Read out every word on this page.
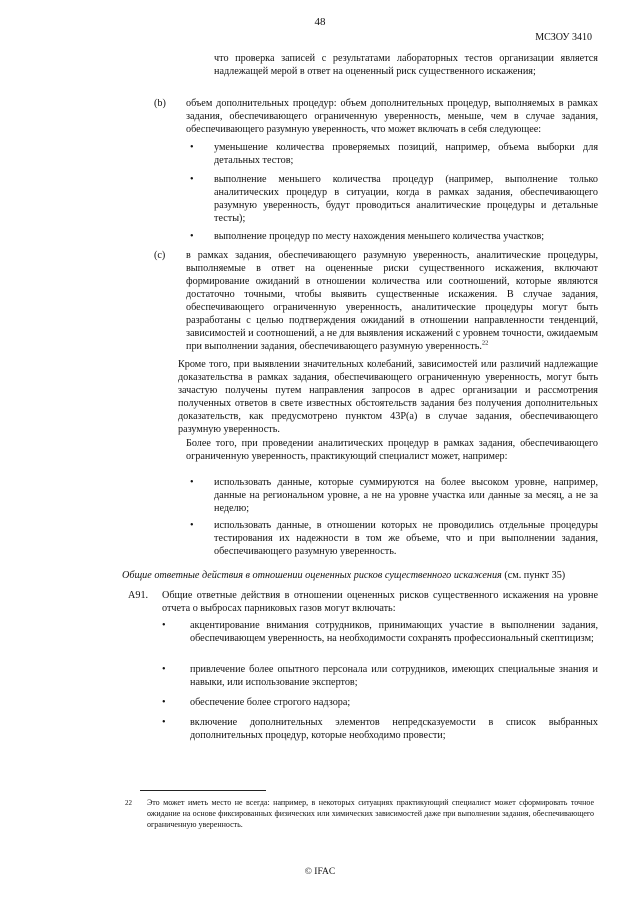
48
МСЗОУ 3410
что проверка записей с результатами лабораторных тестов организации является надлежащей мерой в ответ на оцененный риск существенного искажения;
(b) объем дополнительных процедур: объем дополнительных процедур, выполняемых в рамках задания, обеспечивающего ограниченную уверенность, меньше, чем в случае задания, обеспечивающего разумную уверенность, что может включать в себя следующее:
• уменьшение количества проверяемых позиций, например, объема выборки для детальных тестов;
• выполнение меньшего количества процедур (например, выполнение только аналитических процедур в ситуации, когда в рамках задания, обеспечивающего разумную уверенность, будут проводиться аналитические процедуры и детальные тесты);
• выполнение процедур по месту нахождения меньшего количества участков;
(c) в рамках задания, обеспечивающего разумную уверенность, аналитические процедуры, выполняемые в ответ на оцененные риски существенного искажения, включают формирование ожиданий в отношении количества или соотношений, которые являются достаточно точными, чтобы выявить существенные искажения. В случае задания, обеспечивающего ограниченную уверенность, аналитические процедуры могут быть разработаны с целью подтверждения ожиданий в отношении направленности тенденций, зависимостей и соотношений, а не для выявления искажений с уровнем точности, ожидаемым при выполнении задания, обеспечивающего разумную уверенность.$^{22}$
Кроме того, при выявлении значительных колебаний, зависимостей или различий надлежащие доказательства в рамках задания, обеспечивающего ограниченную уверенность, могут быть зачастую получены путем направления запросов в адрес организации и рассмотрения полученных ответов в свете известных обстоятельств задания без получения дополнительных доказательств, как предусмотрено пунктом 43Р(а) в случае задания, обеспечивающего разумную уверенность.
Более того, при проведении аналитических процедур в рамках задания, обеспечивающего ограниченную уверенность, практикующий специалист может, например:
• использовать данные, которые суммируются на более высоком уровне, например, данные на региональном уровне, а не на уровне участка или данные за месяц, а не за неделю;
• использовать данные, в отношении которых не проводились отдельные процедуры тестирования их надежности в том же объеме, что и при выполнении задания, обеспечивающего разумную уверенность.
Общие ответные действия в отношении оцененных рисков существенного искажения (см. пункт 35)
A91. Общие ответные действия в отношении оцененных рисков существенного искажения на уровне отчета о выбросах парниковых газов могут включать:
• акцентирование внимания сотрудников, принимающих участие в выполнении задания, обеспечивающем уверенность, на необходимости сохранять профессиональный скептицизм;
• привлечение более опытного персонала или сотрудников, имеющих специальные знания и навыки, или использование экспертов;
• обеспечение более строгого надзора;
• включение дополнительных элементов непредсказуемости в список выбранных дополнительных процедур, которые необходимо провести;
22 Это может иметь место не всегда: например, в некоторых ситуациях практикующий специалист может сформировать точное ожидание на основе фиксированных физических или химических зависимостей даже при выполнении задания, обеспечивающего ограниченную уверенность.
© IFAC
